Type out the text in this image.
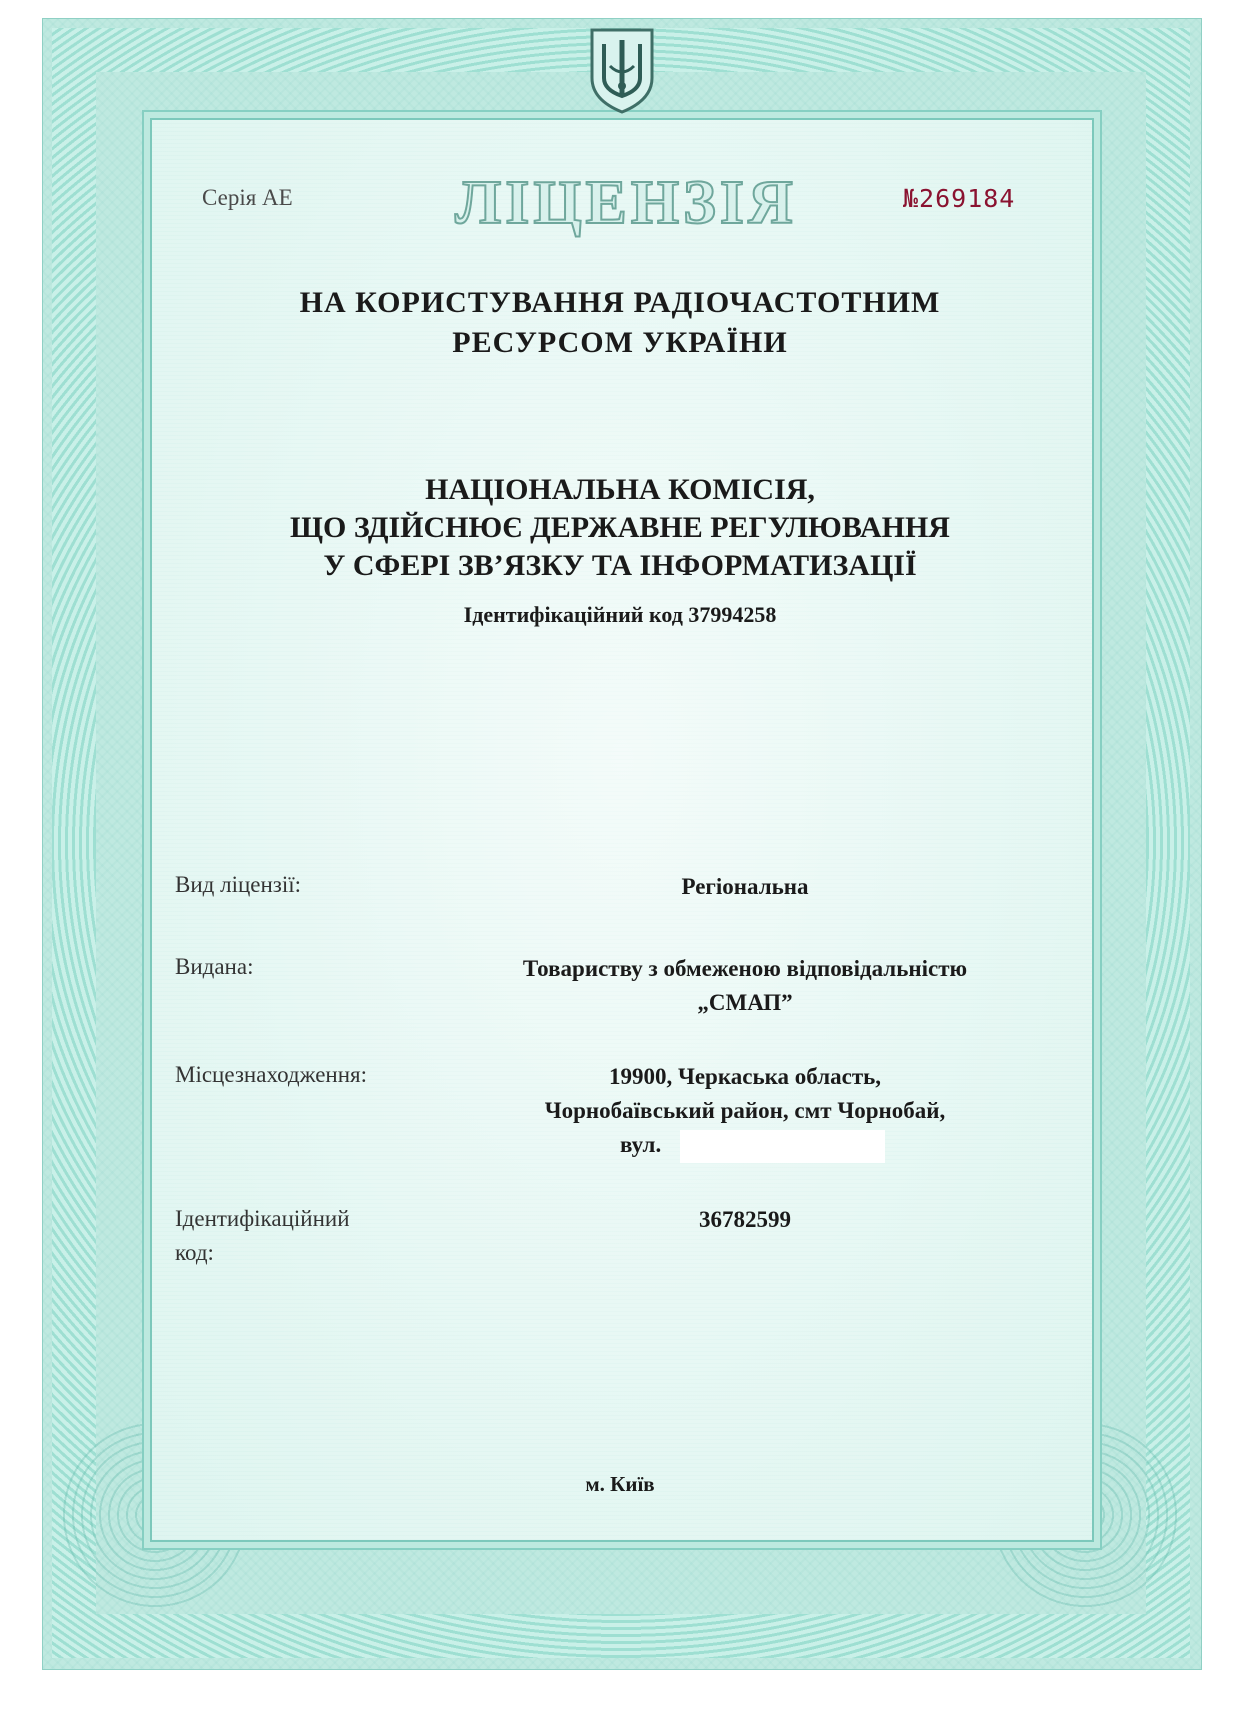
Серія АЕ	ЛІЦЕНЗІЯ	№269184
НА КОРИСТУВАННЯ РАДІОЧАСТОТНИМ
РЕСУРСОМ УКРАЇНИ
НАЦІОНАЛЬНА КОМІСІЯ,
ЩО ЗДІЙСНЮЄ ДЕРЖАВНЕ РЕГУЛЮВАННЯ
У СФЕРІ ЗВ’ЯЗКУ ТА ІНФОРМАТИЗАЦІЇ
Ідентифікаційний код 37994258
Вид ліцензії:	Регіональна
Видана:	Товариству з обмеженою відповідальністю
„СМАП”
Місцезнаходження:	19900, Черкаська область,
Чорнобаївський район, смт Чорнобай,
вул.
Ідентифікаційний
код:
36782599
м. Київ
